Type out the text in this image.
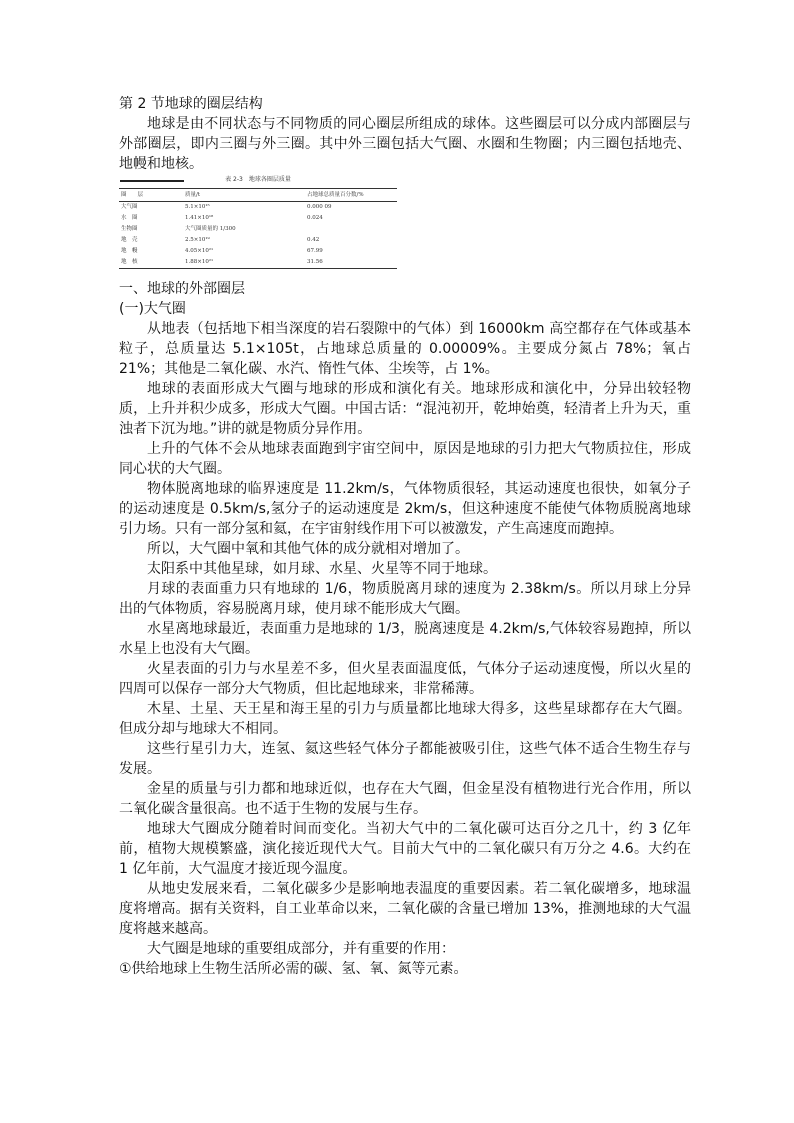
第 2 节地球的圈层结构

地球是由不同状态与不同物质的同心圈层所组成的球体。这些圈层可以分成内部圈层与外部圈层，即内三圈与外三圈。其中外三圈包括大气圈、水圈和生物圈；内三圈包括地壳、地幔和地核。

表 2-3　地球各圈层质量
圈　　层	质量/t	占地球总质量百分数/%
大气圈	5.1×10¹⁵	0.000 09
水　圈	1.41×10¹⁸	0.024
生物圈	大气圈质量的 1/300	
地　壳	2.5×10¹⁹	0.42
地　幔	4.05×10²¹	67.99
地　核	1.88×10²¹	31.56

一、地球的外部圈层

(一)大气圈

从地表（包括地下相当深度的岩石裂隙中的气体）到 16000km 高空都存在气体或基本粒子，总质量达 5.1×105t，占地球总质量的 0.00009%。主要成分氮占 78%；氧占 21%；其他是二氧化碳、水汽、惰性气体、尘埃等，占 1%。

地球的表面形成大气圈与地球的形成和演化有关。地球形成和演化中，分异出较轻物质，上升并积少成多，形成大气圈。中国古话：“混沌初开，乾坤始奠，轻清者上升为天，重浊者下沉为地。”讲的就是物质分异作用。

上升的气体不会从地球表面跑到宇宙空间中，原因是地球的引力把大气物质拉住，形成同心状的大气圈。

物体脱离地球的临界速度是 11.2km/s，气体物质很轻，其运动速度也很快，如氧分子的运动速度是 0.5km/s,氢分子的运动速度是 2km/s，但这种速度不能使气体物质脱离地球引力场。只有一部分氢和氦，在宇宙射线作用下可以被激发，产生高速度而跑掉。

所以，大气圈中氧和其他气体的成分就相对增加了。

太阳系中其他星球，如月球、水星、火星等不同于地球。

月球的表面重力只有地球的 1/6，物质脱离月球的速度为 2.38km/s。所以月球上分异出的气体物质，容易脱离月球，使月球不能形成大气圈。

水星离地球最近，表面重力是地球的 1/3，脱离速度是 4.2km/s,气体较容易跑掉，所以水星上也没有大气圈。

火星表面的引力与水星差不多，但火星表面温度低，气体分子运动速度慢，所以火星的四周可以保存一部分大气物质，但比起地球来，非常稀薄。

木星、土星、天王星和海王星的引力与质量都比地球大得多，这些星球都存在大气圈。但成分却与地球大不相同。

这些行星引力大，连氢、氦这些轻气体分子都能被吸引住，这些气体不适合生物生存与发展。

金星的质量与引力都和地球近似，也存在大气圈，但金星没有植物进行光合作用，所以二氧化碳含量很高。也不适于生物的发展与生存。

地球大气圈成分随着时间而变化。当初大气中的二氧化碳可达百分之几十，约 3 亿年前，植物大规模繁盛，演化接近现代大气。目前大气中的二氧化碳只有万分之 4.6。大约在 1 亿年前，大气温度才接近现今温度。

从地史发展来看，二氧化碳多少是影响地表温度的重要因素。若二氧化碳增多，地球温度将增高。据有关资料，自工业革命以来，二氧化碳的含量已增加 13%，推测地球的大气温度将越来越高。

大气圈是地球的重要组成部分，并有重要的作用：

①供给地球上生物生活所必需的碳、氢、氧、氮等元素。
